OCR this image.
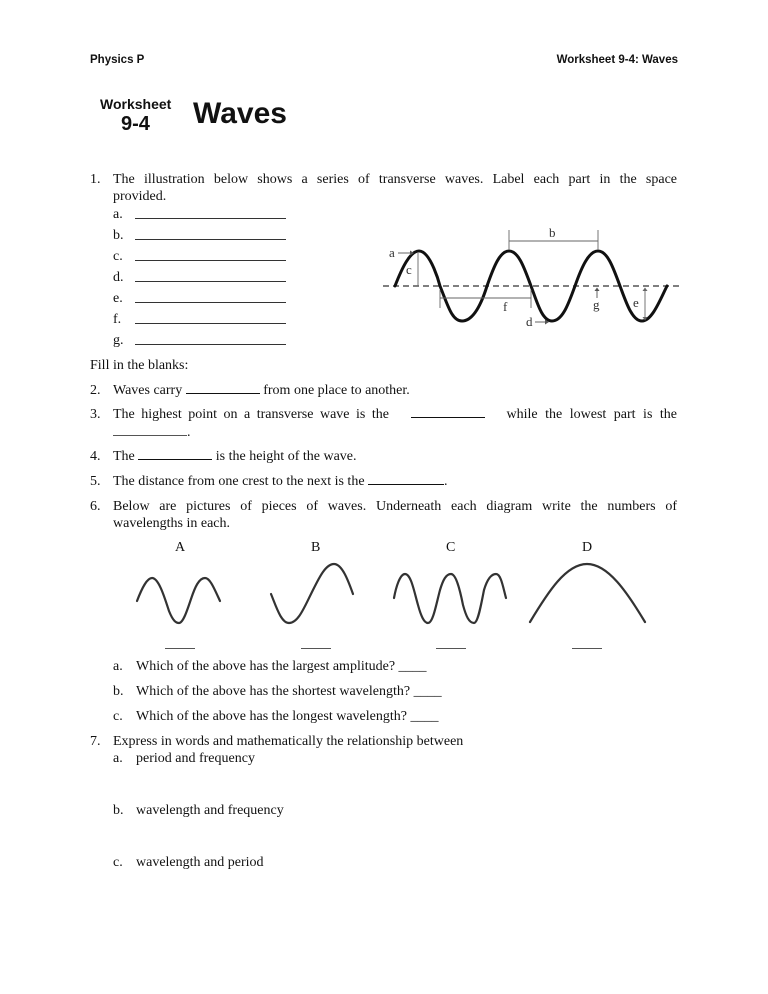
Physics P	Worksheet 9-4: Waves
Worksheet
9-4 Waves
1. The illustration below shows a series of transverse waves. Label each part in the space
provided.
a.
b.
c.
d.
e.
f.
g.
a
c
b
f
d
g	e
Fill in the blanks:
2. Waves carry	from one place to another.
3. The highest point on a transverse wave is the	while the lowest part is the
.
4. The	is the height of the wave.
5. The distance from one crest to the next is the	.
6. Below are pictures of pieces of waves. Underneath each diagram write the numbers of
wavelengths in each.
A	B	C	D
a. Which of the above has the largest amplitude? ____
b. Which of the above has the shortest wavelength? ____
c. Which of the above has the longest wavelength? ____
7. Express in words and mathematically the relationship between
a. period and frequency
b. wavelength and frequency
c. wavelength and period
